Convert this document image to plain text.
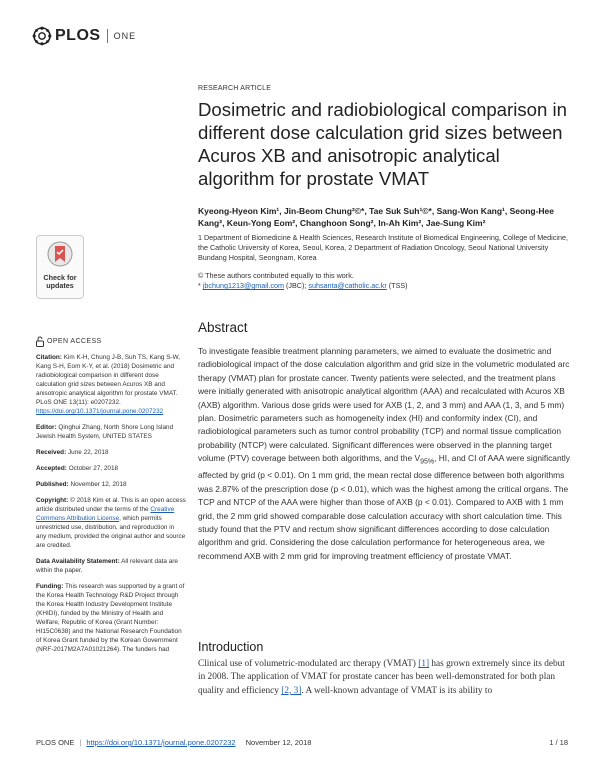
PLOS ONE
RESEARCH ARTICLE
Dosimetric and radiobiological comparison in different dose calculation grid sizes between Acuros XB and anisotropic analytical algorithm for prostate VMAT
Kyeong-Hyeon Kim¹, Jin-Beom Chung²©*, Tae Suk Suh¹©*, Sang-Won Kang¹, Seong-Hee Kang², Keun-Yong Eom², Changhoon Song², In-Ah Kim², Jae-Sung Kim²
1 Department of Biomedicine & Health Sciences, Research Institute of Biomedical Engineering, College of Medicine, the Catholic University of Korea, Seoul, Korea, 2 Department of Radiation Oncology, Seoul National University Bundang Hospital, Seongnam, Korea
© These authors contributed equally to this work.
* jbchung1213@gmail.com (JBC); suhsanta@catholic.ac.kr (TSS)
Check for
updates
OPEN ACCESS
Citation: Kim K-H, Chung J-B, Suh TS, Kang S-W, Kang S-H, Eom K-Y, et al. (2018) Dosimetric and radiobiological comparison in different dose calculation grid sizes between Acuros XB and anisotropic analytical algorithm for prostate VMAT. PLoS ONE 13(11): e0207232. https://doi.org/10.1371/journal.pone.0207232
Editor: Qinghui Zhang, North Shore Long Island Jewish Health System, UNITED STATES
Received: June 22, 2018
Accepted: October 27, 2018
Published: November 12, 2018
Copyright: © 2018 Kim et al. This is an open access article distributed under the terms of the Creative Commons Attribution License, which permits unrestricted use, distribution, and reproduction in any medium, provided the original author and source are credited.
Data Availability Statement: All relevant data are within the paper.
Funding: This research was supported by a grant of the Korea Health Technology R&D Project through the Korea Health Industry Development Institute (KHIDI), funded by the Ministry of Health and Welfare, Republic of Korea (Grant Number: HI15C0638) and the National Research Foundation of Korea Grant funded by the Korean Government (NRF-2017M2A7A01021264). The funders had
Abstract

To investigate feasible treatment planning parameters, we aimed to evaluate the dosimetric and radiobiological impact of the dose calculation algorithm and grid size in the volumetric modulated arc therapy (VMAT) plan for prostate cancer. Twenty patients were selected, and the treatment plans were initially generated with anisotropic analytical algorithm (AAA) and recalculated with Acuros XB (AXB) algorithm. Various dose grids were used for AXB (1, 2, and 3 mm) and AAA (1, 3, and 5 mm) plan. Dosimetric parameters such as homogeneity index (HI) and conformity index (CI), and radiobiological parameters such as tumor control probability (TCP) and normal tissue complication probability (NTCP) were calculated. Significant differences were observed in the planning target volume (PTV) coverage between both algorithms, and the $V_{95\%}$, HI, and CI of AAA were significantly affected by grid (p < 0.01). On 1 mm grid, the mean rectal dose difference between both algorithms was 2.87% of the prescription dose (p < 0.01), which was the highest among the critical organs. The TCP and NTCP of the AAA were higher than those of AXB (p < 0.01). Compared to AXB with 1 mm grid, the 2 mm grid showed comparable dose calculation accuracy with short calculation time. This study found that the PTV and rectum show significant differences according to dose calculation algorithm and grid. Considering the dose calculation performance for heterogeneous area, we recommend AXB with 2 mm grid for improving treatment efficiency of prostate VMAT.

Introduction

Clinical use of volumetric-modulated arc therapy (VMAT) [1] has grown extremely since its debut in 2008. The application of VMAT for prostate cancer has been well-demonstrated for both plan quality and efficiency [2, 3]. A well-known advantage of VMAT is its ability to

PLOS ONE | https://doi.org/10.1371/journal.pone.0207232 November 12, 2018	1 / 18
